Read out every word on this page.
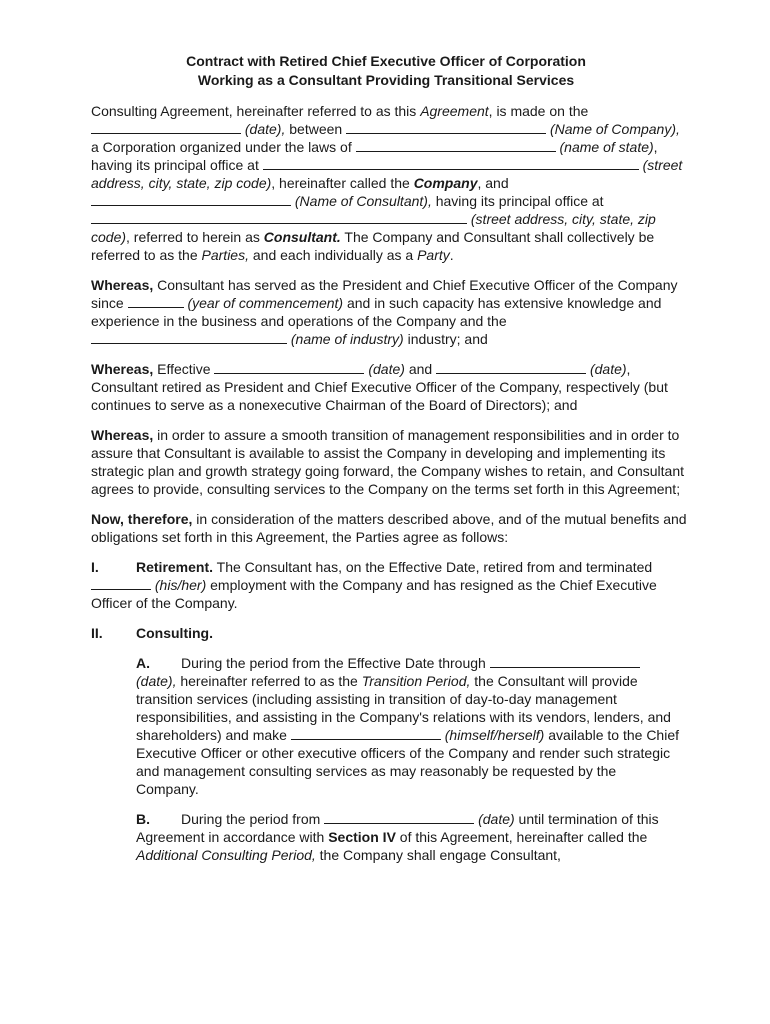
Contract with Retired Chief Executive Officer of Corporation
Working as a Consultant Providing Transitional Services

Consulting Agreement, hereinafter referred to as this Agreement, is made on the  (date), between	(Name of Company), a Corporation organized under the laws of	(name of state), having its principal office at	(street address, city, state, zip code), hereinafter called the Company, and  (Name of Consultant), having its principal office at  (street address, city, state, zip code), referred to herein as Consultant. The Company and Consultant shall collectively be referred to as the Parties, and each individually as a Party.

Whereas, Consultant has served as the President and Chief Executive Officer of the Company since	(year of commencement) and in such capacity has extensive knowledge and experience in the business and operations of the Company and the  (name of industry) industry; and

Whereas, Effective	(date) and	(date), Consultant retired as President and Chief Executive Officer of the Company, respectively (but continues to serve as a nonexecutive Chairman of the Board of Directors); and

Whereas, in order to assure a smooth transition of management responsibilities and in order to assure that Consultant is available to assist the Company in developing and implementing its strategic plan and growth strategy going forward, the Company wishes to retain, and Consultant agrees to provide, consulting services to the Company on the terms set forth in this Agreement;

Now, therefore, in consideration of the matters described above, and of the mutual benefits and obligations set forth in this Agreement, the Parties agree as follows:

I.	Retirement. The Consultant has, on the Effective Date, retired from and terminated  (his/her) employment with the Company and has resigned as the Chief Executive Officer of the Company.
II.	Consulting.

A. During the period from the Effective Date through  (date), hereinafter referred to as the Transition Period, the Consultant will provide transition services (including assisting in transition of day-to-day management responsibilities, and assisting in the Company's relations with its vendors, lenders, and shareholders) and make	(himself/herself) available to the Chief Executive Officer or other executive officers of the Company and render such strategic and management consulting services as may reasonably be requested by the Company.

B. During the period from	(date) until termination of this Agreement in accordance with Section IV of this Agreement, hereinafter called the Additional Consulting Period, the Company shall engage Consultant,
